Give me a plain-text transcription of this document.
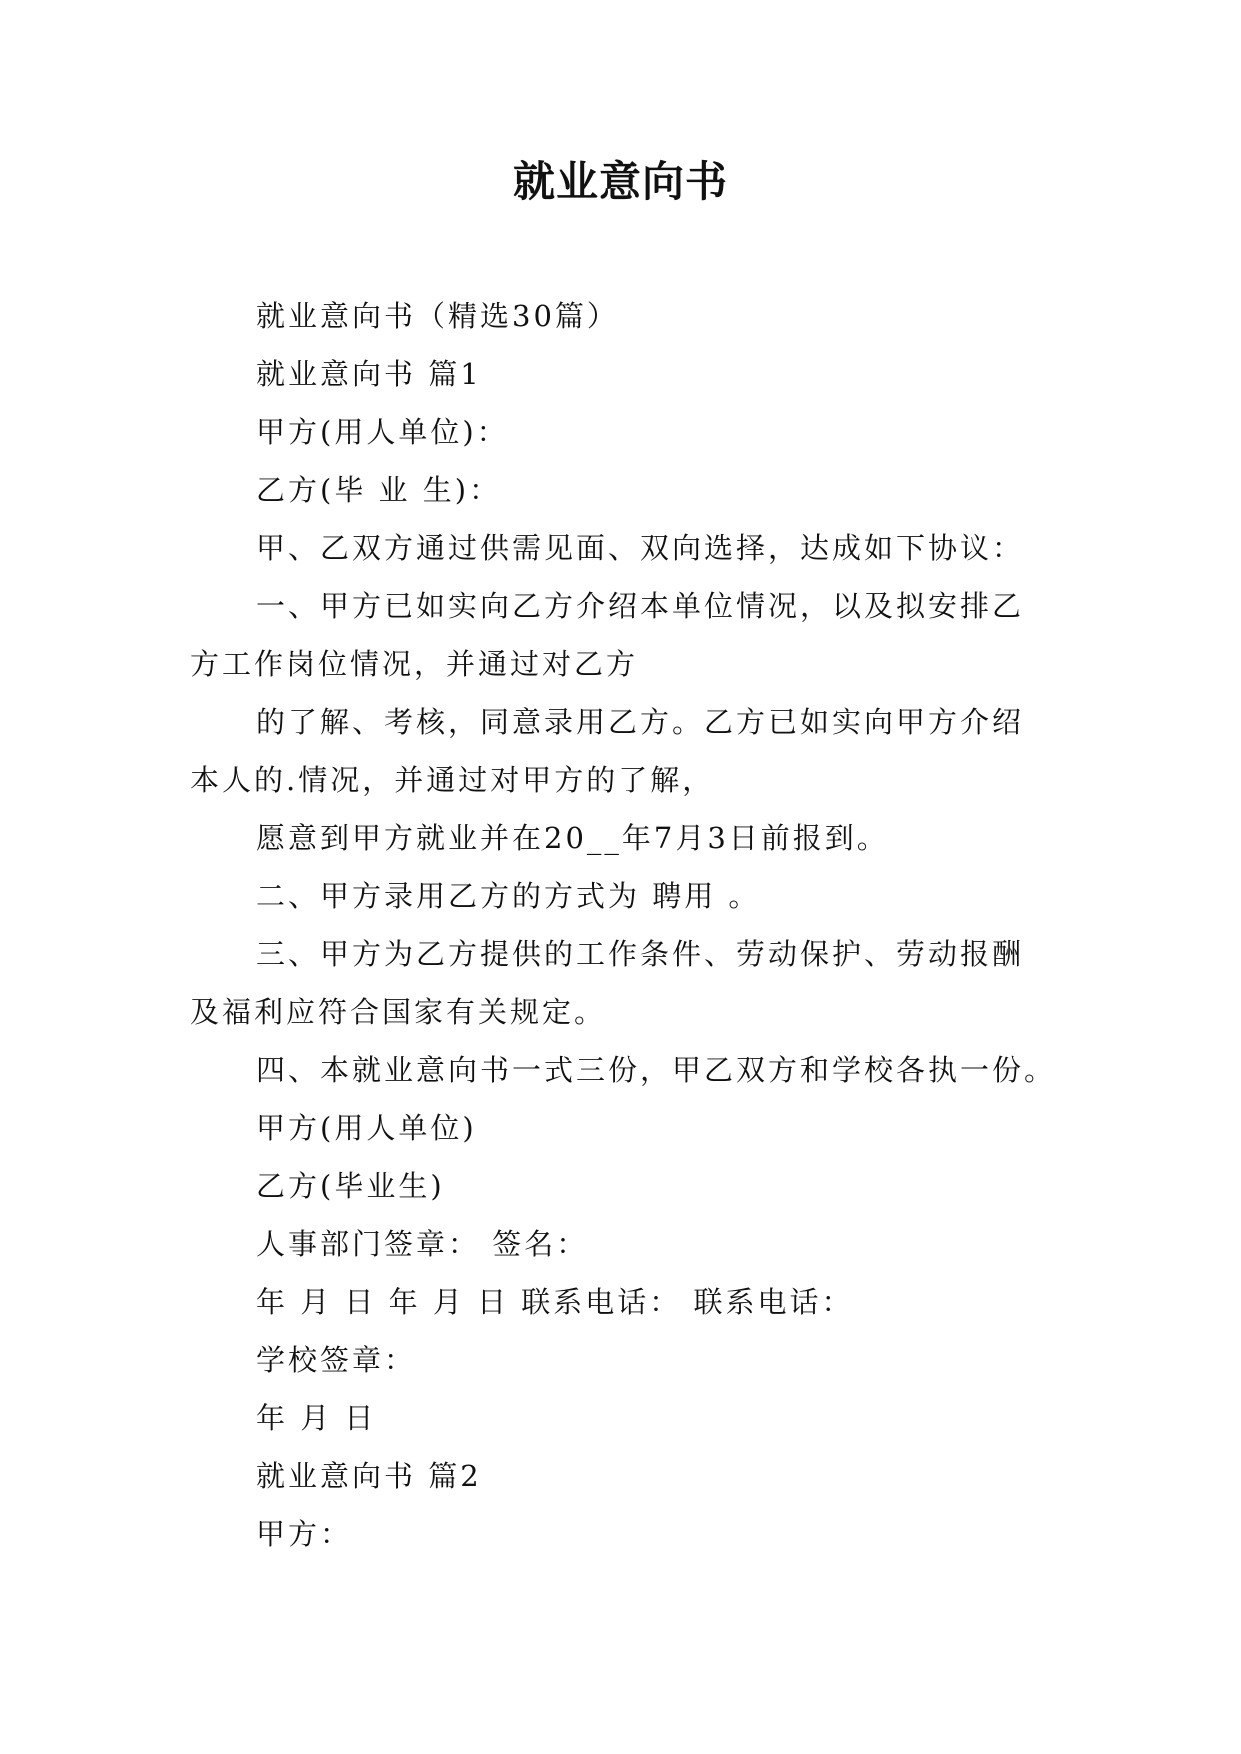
就业意向书

就业意向书（精选30篇）

就业意向书 篇1

甲方(用人单位)：

乙方(毕 业 生)：

甲、乙双方通过供需见面、双向选择，达成如下协议：

一、甲方已如实向乙方介绍本单位情况，以及拟安排乙

方工作岗位情况，并通过对乙方

的了解、考核，同意录用乙方。乙方已如实向甲方介绍

本人的.情况，并通过对甲方的了解，

愿意到甲方就业并在20__年7月3日前报到。

二、甲方录用乙方的方式为 聘用 。

三、甲方为乙方提供的工作条件、劳动保护、劳动报酬

及福利应符合国家有关规定。

四、本就业意向书一式三份，甲乙双方和学校各执一份。

甲方(用人单位)

乙方(毕业生)

人事部门签章： 签名：

年 月 日 年 月 日 联系电话： 联系电话：

学校签章：

年 月 日

就业意向书 篇2

甲方：
